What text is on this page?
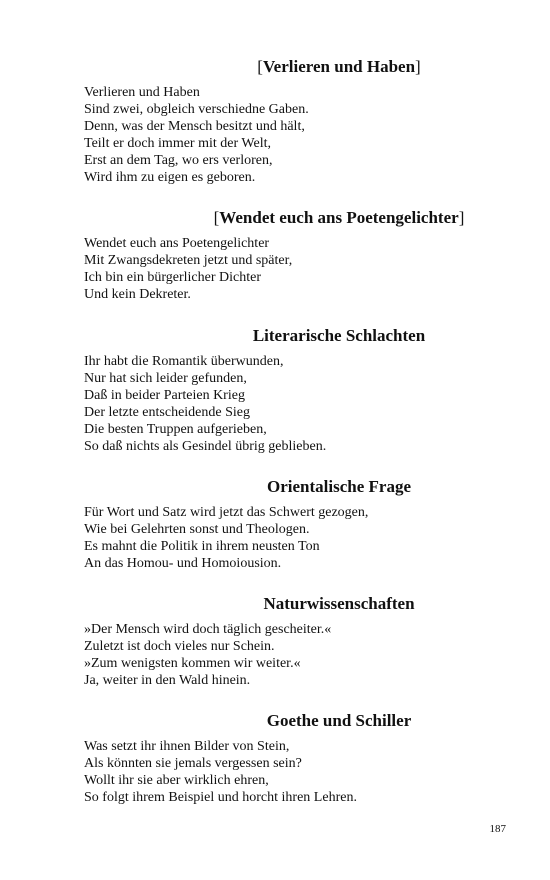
[Verlieren und Haben]
Verlieren und Haben
Sind zwei, obgleich verschiedne Gaben.
Denn, was der Mensch besitzt und hält,
Teilt er doch immer mit der Welt,
Erst an dem Tag, wo ers verloren,
Wird ihm zu eigen es geboren.
[Wendet euch ans Poetengelichter]
Wendet euch ans Poetengelichter
Mit Zwangsdekreten jetzt und später,
Ich bin ein bürgerlicher Dichter
Und kein Dekreter.
Literarische Schlachten
Ihr habt die Romantik überwunden,
Nur hat sich leider gefunden,
Daß in beider Parteien Krieg
Der letzte entscheidende Sieg
Die besten Truppen aufgerieben,
So daß nichts als Gesindel übrig geblieben.
Orientalische Frage
Für Wort und Satz wird jetzt das Schwert gezogen,
Wie bei Gelehrten sonst und Theologen.
Es mahnt die Politik in ihrem neusten Ton
An das Homou- und Homoiousion.
Naturwissenschaften
»Der Mensch wird doch täglich gescheiter.«
Zuletzt ist doch vieles nur Schein.
»Zum wenigsten kommen wir weiter.«
Ja, weiter in den Wald hinein.
Goethe und Schiller
Was setzt ihr ihnen Bilder von Stein,
Als könnten sie jemals vergessen sein?
Wollt ihr sie aber wirklich ehren,
So folgt ihrem Beispiel und horcht ihren Lehren.
187
